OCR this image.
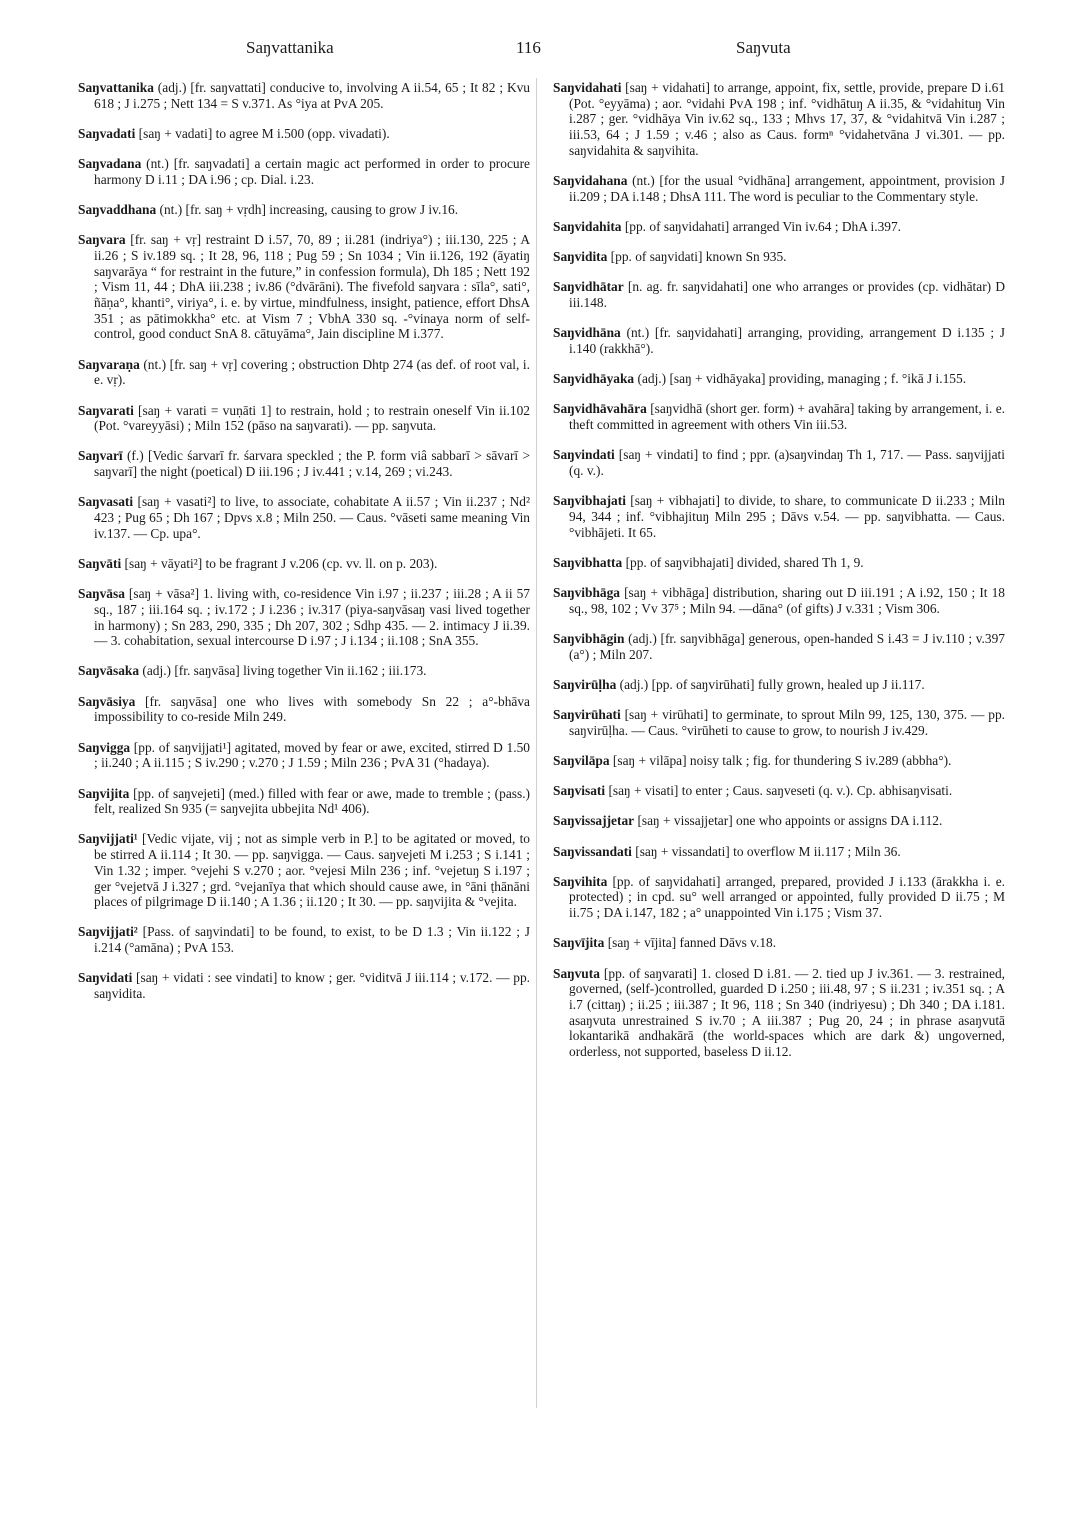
Saŋvattanika	116	Saŋvuta

Saŋvattanika (adj.) [fr. saŋvattati] conducive to, involving A ii.54, 65 ; It 82 ; Kvu 618 ; J i.275 ; Nett 134 = S v.371. As °iya at PvA 205.

Saŋvadati [saŋ + vadati] to agree M i.500 (opp. vivadati).

Saŋvadana (nt.) [fr. saŋvadati] a certain magic act performed in order to procure harmony D i.11 ; DA i.96 ; cp. Dial. i.23.

Saŋvaddhana (nt.) [fr. saŋ + vṛdh] increasing, causing to grow J iv.16.

Saŋvara [fr. saŋ + vṛ] restraint D i.57, 70, 89 ; ii.281 (indriya°) ; iii.130, 225 ; A ii.26 ; S iv.189 sq. ; It 28, 96, 118 ; Pug 59 ; Sn 1034 ; Vin ii.126, 192 (āyatiŋ saŋvarāya “ for restraint in the future,” in confession formula), Dh 185 ; Nett 192 ; Vism 11, 44 ; DhA iii.238 ; iv.86 (°dvārāni). The fivefold saŋvara : sīla°, sati°, ñāṇa°, khanti°, viriya°, i. e. by virtue, mindfulness, insight, patience, effort DhsA 351 ; as pātimokkha° etc. at Vism 7 ; VbhA 330 sq. -°vinaya norm of self-control, good conduct SnA 8. cātuyāma°, Jain discipline M i.377.

Saŋvaraṇa (nt.) [fr. saŋ + vṛ] covering ; obstruction Dhtp 274 (as def. of root val, i. e. vṛ).

Saŋvarati [saŋ + varati = vuṇāti 1] to restrain, hold ; to restrain oneself Vin ii.102 (Pot. °vareyyāsi) ; Miln 152 (pāso na saŋvarati). — pp. saŋvuta.

Saŋvarī (f.) [Vedic śarvarī fr. śarvara speckled ; the P. form viâ sabbarī > sāvarī > saŋvarī] the night (poetical) D iii.196 ; J iv.441 ; v.14, 269 ; vi.243.

Saŋvasati [saŋ + vasati²] to live, to associate, cohabitate A ii.57 ; Vin ii.237 ; Nd² 423 ; Pug 65 ; Dh 167 ; Dpvs x.8 ; Miln 250. — Caus. °vāseti same meaning Vin iv.137. — Cp. upa°.

Saŋvāti [saŋ + vāyati²] to be fragrant J v.206 (cp. vv. ll. on p. 203).

Saŋvāsa [saŋ + vāsa²] 1. living with, co-residence Vin i.97 ; ii.237 ; iii.28 ; A ii 57 sq., 187 ; iii.164 sq. ; iv.172 ; J i.236 ; iv.317 (piya-saŋvāsaŋ vasi lived together in harmony) ; Sn 283, 290, 335 ; Dh 207, 302 ; Sdhp 435. — 2. intimacy J ii.39. — 3. cohabitation, sexual intercourse D i.97 ; J i.134 ; ii.108 ; SnA 355.

Saŋvāsaka (adj.) [fr. saŋvāsa] living together Vin ii.162 ; iii.173.

Saŋvāsiya [fr. saŋvāsa] one who lives with somebody Sn 22 ; a°-bhāva impossibility to co-reside Miln 249.

Saŋvigga [pp. of saŋvijjati¹] agitated, moved by fear or awe, excited, stirred D 1.50 ; ii.240 ; A ii.115 ; S iv.290 ; v.270 ; J 1.59 ; Miln 236 ; PvA 31 (°hadaya).

Saŋvijita [pp. of saŋvejeti] (med.) filled with fear or awe, made to tremble ; (pass.) felt, realized Sn 935 (= saŋvejita ubbejita Nd¹ 406).

Saŋvijjati¹ [Vedic vijate, vij ; not as simple verb in P.] to be agitated or moved, to be stirred A ii.114 ; It 30. — pp. saŋvigga. — Caus. saŋvejeti M i.253 ; S i.141 ; Vin 1.32 ; imper. °vejehi S v.270 ; aor. °vejesi Miln 236 ; inf. °vejetuŋ S i.197 ; ger °vejetvā J i.327 ; grd. °vejanīya that which should cause awe, in °āni ṭhānāni places of pilgrimage D ii.140 ; A 1.36 ; ii.120 ; It 30. — pp. saŋvijita & °vejita.

Saŋvijjati² [Pass. of saŋvindati] to be found, to exist, to be D 1.3 ; Vin ii.122 ; J i.214 (°amāna) ; PvA 153.

Saŋvidati [saŋ + vidati : see vindati] to know ; ger. °viditvā J iii.114 ; v.172. — pp. saŋvidita.

Saŋvidahati [saŋ + vidahati] to arrange, appoint, fix, settle, provide, prepare D i.61 (Pot. °eyyāma) ; aor. °vidahi PvA 198 ; inf. °vidhātuŋ A ii.35, & °vidahituŋ Vin i.287 ; ger. °vidhāya Vin iv.62 sq., 133 ; Mhvs 17, 37, & °vidahitvā Vin i.287 ; iii.53, 64 ; J 1.59 ; v.46 ; also as Caus. formⁿ °vidahetvāna J vi.301. — pp. saŋvidahita & saŋvihita.

Saŋvidahana (nt.) [for the usual °vidhāna] arrangement, appointment, provision J ii.209 ; DA i.148 ; DhsA 111. The word is peculiar to the Commentary style.

Saŋvidahita [pp. of saŋvidahati] arranged Vin iv.64 ; DhA i.397.

Saŋvidita [pp. of saŋvidati] known Sn 935.

Saŋvidhātar [n. ag. fr. saŋvidahati] one who arranges or provides (cp. vidhātar) D iii.148.

Saŋvidhāna (nt.) [fr. saŋvidahati] arranging, providing, arrangement D i.135 ; J i.140 (rakkhā°).

Saŋvidhāyaka (adj.) [saŋ + vidhāyaka] providing, managing ; f. °ikā J i.155.

Saŋvidhāvahāra [saŋvidhā (short ger. form) + avahāra] taking by arrangement, i. e. theft committed in agreement with others Vin iii.53.

Saŋvindati [saŋ + vindati] to find ; ppr. (a)saŋvindaŋ Th 1, 717. — Pass. saŋvijjati (q. v.).

Saŋvibhajati [saŋ + vibhajati] to divide, to share, to communicate D ii.233 ; Miln 94, 344 ; inf. °vibhajituŋ Miln 295 ; Dāvs v.54. — pp. saŋvibhatta. — Caus. °vibhājeti. It 65.

Saŋvibhatta [pp. of saŋvibhajati] divided, shared Th 1, 9.

Saŋvibhāga [saŋ + vibhāga] distribution, sharing out D iii.191 ; A i.92, 150 ; It 18 sq., 98, 102 ; Vv 37⁵ ; Miln 94. —dāna° (of gifts) J v.331 ; Vism 306.

Saŋvibhāgin (adj.) [fr. saŋvibhāga] generous, open-handed S i.43 = J iv.110 ; v.397 (a°) ; Miln 207.

Saŋvirūḷha (adj.) [pp. of saŋvirūhati] fully grown, healed up J ii.117.

Saŋvirūhati [saŋ + virūhati] to germinate, to sprout Miln 99, 125, 130, 375. — pp. saŋvirūḷha. — Caus. °virūheti to cause to grow, to nourish J iv.429.

Saŋvilāpa [saŋ + vilāpa] noisy talk ; fig. for thundering S iv.289 (abbha°).

Saŋvisati [saŋ + visati] to enter ; Caus. saŋveseti (q. v.). Cp. abhisaŋvisati.

Saŋvissajjetar [saŋ + vissajjetar] one who appoints or assigns DA i.112.

Saŋvissandati [saŋ + vissandati] to overflow M ii.117 ; Miln 36.

Saŋvihita [pp. of saŋvidahati] arranged, prepared, provided J i.133 (ārakkha i. e. protected) ; in cpd. su° well arranged or appointed, fully provided D ii.75 ; M ii.75 ; DA i.147, 182 ; a° unappointed Vin i.175 ; Vism 37.

Saŋvījita [saŋ + vījita] fanned Dāvs v.18.

Saŋvuta [pp. of saŋvarati] 1. closed D i.81. — 2. tied up J iv.361. — 3. restrained, governed, (self-)controlled, guarded D i.250 ; iii.48, 97 ; S ii.231 ; iv.351 sq. ; A i.7 (cittaŋ) ; ii.25 ; iii.387 ; It 96, 118 ; Sn 340 (indriyesu) ; Dh 340 ; DA i.181. asaŋvuta unrestrained S iv.70 ; A iii.387 ; Pug 20, 24 ; in phrase asaŋvutā lokantarikā andhakārā (the world-spaces which are dark &) ungoverned, orderless, not supported, baseless D ii.12.
